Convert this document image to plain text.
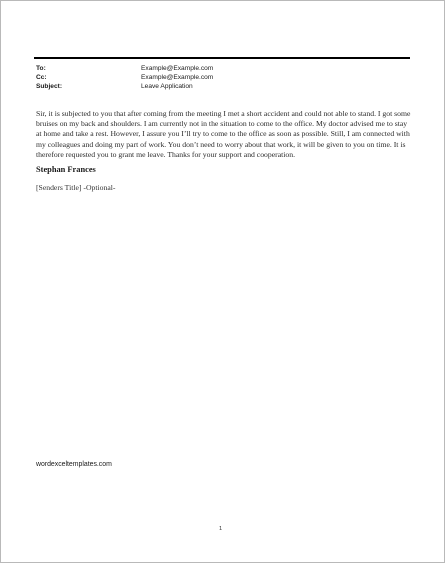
To:	Example@Example.com
Cc:	Example@Example.com
Subject:	Leave Application

Sir, it is subjected to you that after coming from the meeting I met a short accident and could not able to stand. I got some bruises on my back and shoulders. I am currently not in the situation to come to the office. My doctor advised me to stay at home and take a rest. However, I assure you I’ll try to come to the office as soon as possible. Still, I am connected with my colleagues and doing my part of work. You don’t need to worry about that work, it will be given to you on time. It is therefore requested you to grant me leave. Thanks for your support and cooperation.

Stephan Frances
[Senders Title] -Optional-
wordexceltemplates.com
1
